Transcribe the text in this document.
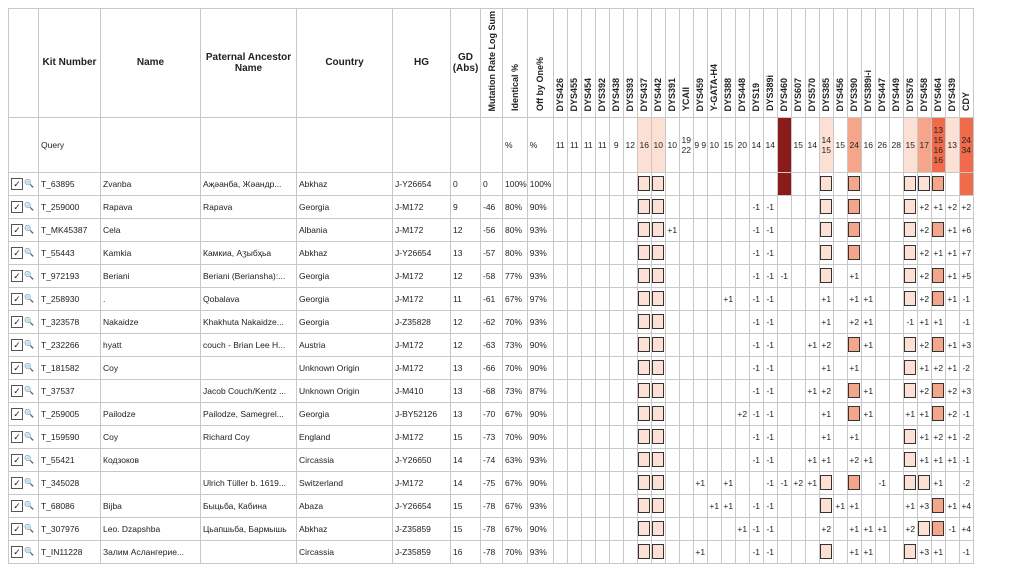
	Kit Number	Name	Paternal Ancestor Name	Country	HG	GD (Abs)	Mutation Rate Log Sum	Identical %	Off by One%	DYS426	DYS455	DYS454	DYS392	DYS438	DYS393	DYS437	DYS442	DYS391	YCAII	DYS459	Y-GATA-H4	DYS388	DYS448	DYS19	DYS389i	DYS460	DYS607	DYS570	DYS385	DYS456	DYS390	DYS389i-i	DYS447	DYS449	DYS576	DYS458	DYS464	DYS439	CDY
	Query							%	%	11	11	11	11	9	12	16	10	10	19 22	9 9	10	15	20	14	14		15	14	14 15	15	24	16	26	28	15	17	13 15 16 16	13	24 34
✓ 🔍	T_63895	Zvanba	Аҗәанба, Жәандр...	Abkhaz	J-Y26654	0	0	100%	100%																														
✓ 🔍	T_259000	Rapava	Rapava	Georgia	J-M172	9	-46	80%	90%															-1	-1											+2	+1	+2	+2
✓ 🔍	T_MK45387	Cela		Albania	J-M172	12	-56	80%	93%									+1						-1	-1											+2		+1	+6
✓ 🔍	T_55443	Kamkia	Камкиа, Аӡыбҳьа	Abkhaz	J-Y26654	13	-57	80%	93%															-1	-1											+2	+1	+1	+7
✓ 🔍	T_972193	Beriani	Beriani (Beriansha):...	Georgia	J-M172	12	-58	77%	93%															-1	-1	-1					+1					+2		+1	+5
✓ 🔍	T_258930	.	Qobalava	Georgia	J-M172	11	-61	67%	97%													+1		-1	-1				+1		+1	+1				+2		+1	-1
✓ 🔍	T_323578	Nakaidze	Khakhuta Nakaidze...	Georgia	J-Z35828	12	-62	70%	93%															-1	-1				+1		+2	+1			-1	+1	+1		-1
✓ 🔍	T_232266	hyatt	couch - Brian Lee H...	Austria	J-M172	12	-63	73%	90%															-1	-1			+1	+2			+1				+2		+1	+3
✓ 🔍	T_181582	Coy		Unknown Origin	J-M172	13	-66	70%	90%															-1	-1				+1		+1					+1	+2	+1	-2
✓ 🔍	T_37537		Jacob Couch/Kentz ...	Unknown Origin	J-M410	13	-68	73%	87%															-1	-1			+1	+2			+1				+2		+2	+3
✓ 🔍	T_259005	Pailodze	Pailodze, Samegrel...	Georgia	J-BY52126	13	-70	67%	90%														+2	-1	-1				+1			+1			+1	+1		+2	-1
✓ 🔍	T_159590	Coy	Richard Coy	England	J-M172	15	-73	70%	90%															-1	-1				+1		+1					+1	+2	+1	-2
✓ 🔍	T_55421	Кодзоков		Circassia	J-Y26650	14	-74	63%	93%															-1	-1			+1	+1		+2	+1				+1	+1	+1	-1
✓ 🔍	T_345028		Ulrich Tüller b. 1619...	Switzerland	J-M172	14	-75	67%	90%											+1		+1			-1	-1	+2	+1					-1				+1		-2
✓ 🔍	T_68086	Bijba	Быцьба, Кабина	Abaza	J-Y26654	15	-78	67%	93%												+1	+1		-1	-1					+1	+1				+1	+3		+1	+4
✓ 🔍	T_307976	Leo. Dzapshba	Цьапшьба, Бармышь	Abkhaz	J-Z35859	15	-78	67%	90%														+1	-1	-1				+2		+1	+1	+1		+2			-1	+4
✓ 🔍	T_IN11228	Залим Аслангерие...		Circassia	J-Z35859	16	-78	70%	93%											+1				-1	-1						+1	+1				+3	+1		-1
